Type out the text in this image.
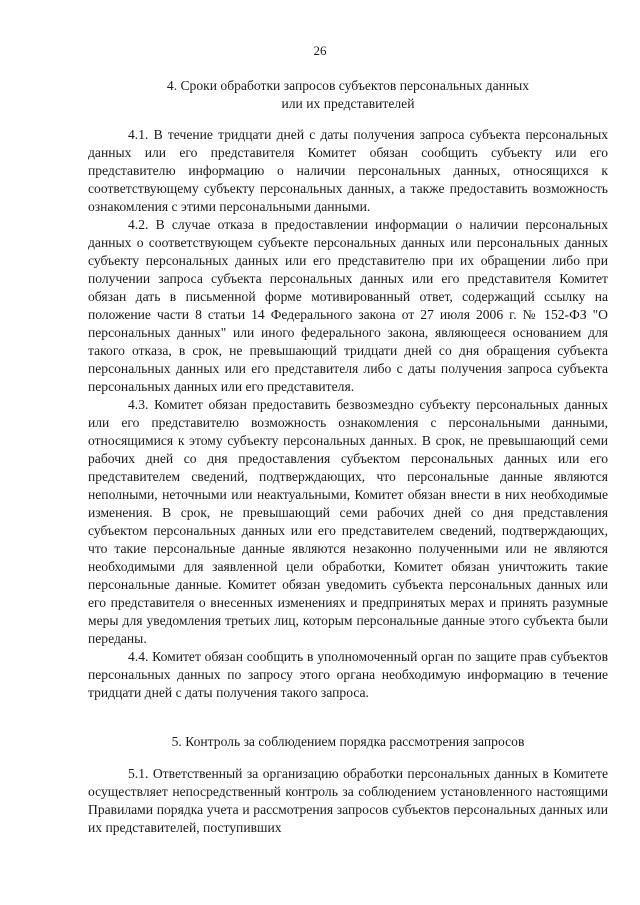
26
4. Сроки обработки запросов субъектов персональных данных
или их представителей

4.1. В течение тридцати дней с даты получения запроса субъекта персональных данных или его представителя Комитет обязан сообщить субъекту или его представителю информацию о наличии персональных данных, относящихся к соответствующему субъекту персональных данных, а также предоставить возможность ознакомления с этими персональными данными.

4.2. В случае отказа в предоставлении информации о наличии персональных данных о соответствующем субъекте персональных данных или персональных данных субъекту персональных данных или его представителю при их обращении либо при получении запроса субъекта персональных данных или его представителя Комитет обязан дать в письменной форме мотивированный ответ, содержащий ссылку на положение части 8 статьи 14 Федерального закона от 27 июля 2006 г. № 152-ФЗ "О персональных данных" или иного федерального закона, являющееся основанием для такого отказа, в срок, не превышающий тридцати дней со дня обращения субъекта персональных данных или его представителя либо с даты получения запроса субъекта персональных данных или его представителя.

4.3. Комитет обязан предоставить безвозмездно субъекту персональных данных или его представителю возможность ознакомления с персональными данными, относящимися к этому субъекту персональных данных. В срок, не превышающий семи рабочих дней со дня предоставления субъектом персональных данных или его представителем сведений, подтверждающих, что персональные данные являются неполными, неточными или неактуальными, Комитет обязан внести в них необходимые изменения. В срок, не превышающий семи рабочих дней со дня представления субъектом персональных данных или его представителем сведений, подтверждающих, что такие персональные данные являются незаконно полученными или не являются необходимыми для заявленной цели обработки, Комитет обязан уничтожить такие персональные данные. Комитет обязан уведомить субъекта персональных данных или его представителя о внесенных изменениях и предпринятых мерах и принять разумные меры для уведомления третьих лиц, которым персональные данные этого субъекта были переданы.

4.4. Комитет обязан сообщить в уполномоченный орган по защите прав субъектов персональных данных по запросу этого органа необходимую информацию в течение тридцати дней с даты получения такого запроса.

5. Контроль за соблюдением порядка рассмотрения запросов

5.1. Ответственный за организацию обработки персональных данных в Комитете осуществляет непосредственный контроль за соблюдением установленного настоящими Правилами порядка учета и рассмотрения запросов субъектов персональных данных или их представителей, поступивших
